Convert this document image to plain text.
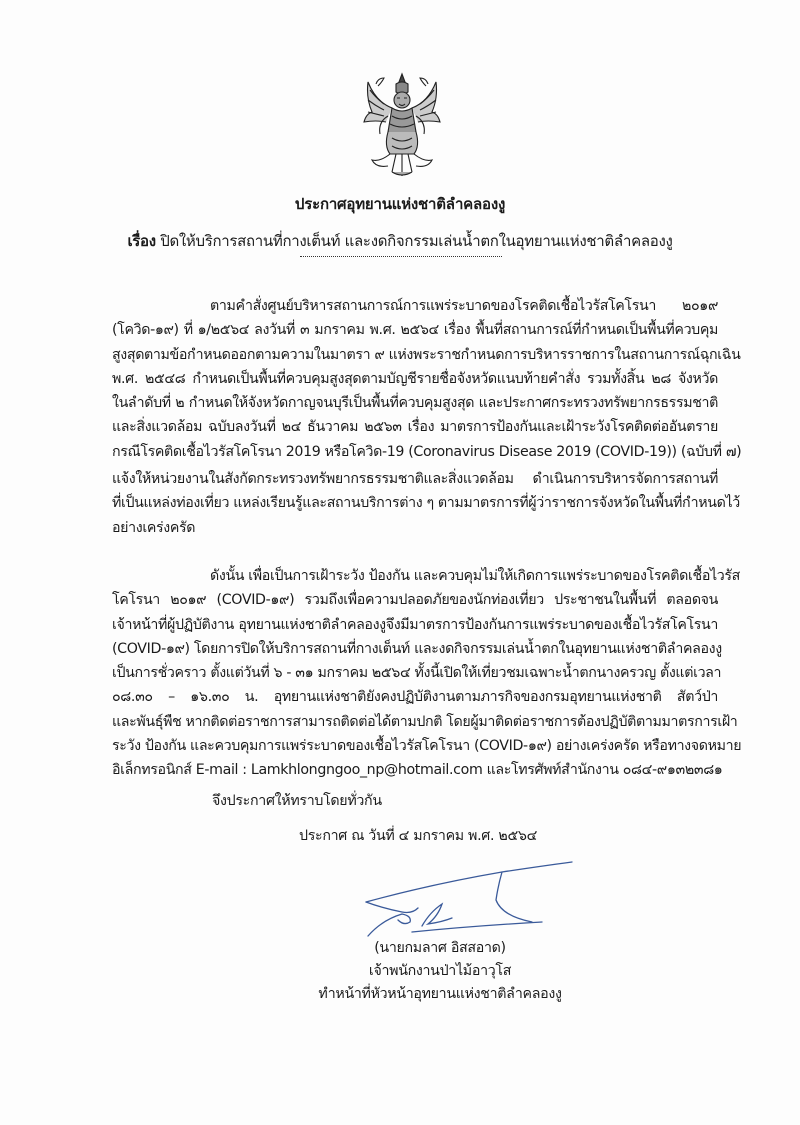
ประกาศอุทยานแห่งชาติลำคลองงู
เรื่อง ปิดให้บริการสถานที่กางเต็นท์ และงดกิจกรรมเล่นน้ำตกในอุทยานแห่งชาติลำคลองงู
ตามคำสั่งศูนย์บริหารสถานการณ์การแพร่ระบาดของโรคติดเชื้อไวรัสโคโรนา ๒๐๑๙
(โควิด-๑๙) ที่ ๑/๒๕๖๔ ลงวันที่ ๓ มกราคม พ.ศ. ๒๕๖๔ เรื่อง พื้นที่สถานการณ์ที่กำหนดเป็นพื้นที่ควบคุม
สูงสุดตามข้อกำหนดออกตามความในมาตรา ๙ แห่งพระราชกำหนดการบริหารราชการในสถานการณ์ฉุกเฉิน
พ.ศ. ๒๕๔๘ กำหนดเป็นพื้นที่ควบคุมสูงสุดตามบัญชีรายชื่อจังหวัดแนบท้ายคำสั่ง รวมทั้งสิ้น ๒๘ จังหวัด
ในลำดับที่ ๒ กำหนดให้จังหวัดกาญจนบุรีเป็นพื้นที่ควบคุมสูงสุด และประกาศกระทรวงทรัพยากรธรรมชาติ
และสิ่งแวดล้อม ฉบับลงวันที่ ๒๔ ธันวาคม ๒๕๖๓ เรื่อง มาตรการป้องกันและเฝ้าระวังโรคติดต่ออันตราย
กรณีโรคติดเชื้อไวรัสโคโรนา 2019 หรือโควิด-19 (Coronavirus Disease 2019 (COVID-19)) (ฉบับที่ ๗)
แจ้งให้หน่วยงานในสังกัดกระทรวงทรัพยากรธรรมชาติและสิ่งแวดล้อม ดำเนินการบริหารจัดการสถานที่
ที่เป็นแหล่งท่องเที่ยว แหล่งเรียนรู้และสถานบริการต่าง ๆ ตามมาตรการที่ผู้ว่าราชการจังหวัดในพื้นที่กำหนดไว้
อย่างเคร่งครัด
ดังนั้น เพื่อเป็นการเฝ้าระวัง ป้องกัน และควบคุมไม่ให้เกิดการแพร่ระบาดของโรคติดเชื้อไวรัส
โคโรนา ๒๐๑๙ (COVID-๑๙) รวมถึงเพื่อความปลอดภัยของนักท่องเที่ยว ประชาชนในพื้นที่ ตลอดจน
เจ้าหน้าที่ผู้ปฏิบัติงาน อุทยานแห่งชาติลำคลองงูจึงมีมาตรการป้องกันการแพร่ระบาดของเชื้อไวรัสโคโรนา
(COVID-๑๙) โดยการปิดให้บริการสถานที่กางเต็นท์ และงดกิจกรรมเล่นน้ำตกในอุทยานแห่งชาติลำคลองงู
เป็นการชั่วคราว ตั้งแต่วันที่ ๖ - ๓๑ มกราคม ๒๕๖๔ ทั้งนี้เปิดให้เที่ยวชมเฉพาะน้ำตกนางครวญ ตั้งแต่เวลา
๐๘.๓๐ – ๑๖.๓๐ น. อุทยานแห่งชาติยังคงปฏิบัติงานตามภารกิจของกรมอุทยานแห่งชาติ สัตว์ป่า
และพันธุ์พืช หากติดต่อราชการสามารถติดต่อได้ตามปกติ โดยผู้มาติดต่อราชการต้องปฏิบัติตามมาตรการเฝ้า
ระวัง ป้องกัน และควบคุมการแพร่ระบาดของเชื้อไวรัสโคโรนา (COVID-๑๙) อย่างเคร่งครัด หรือทางจดหมาย
อิเล็กทรอนิกส์ E-mail : Lamkhlongngoo_np@hotmail.com และโทรศัพท์สำนักงาน ๐๘๔-๙๑๓๒๓๘๑
จึงประกาศให้ทราบโดยทั่วกัน
ประกาศ ณ วันที่ ๔ มกราคม พ.ศ. ๒๕๖๔
(นายกมลาศ อิสสอาด)
เจ้าพนักงานป่าไม้อาวุโส
ทำหน้าที่หัวหน้าอุทยานแห่งชาติลำคลองงู
